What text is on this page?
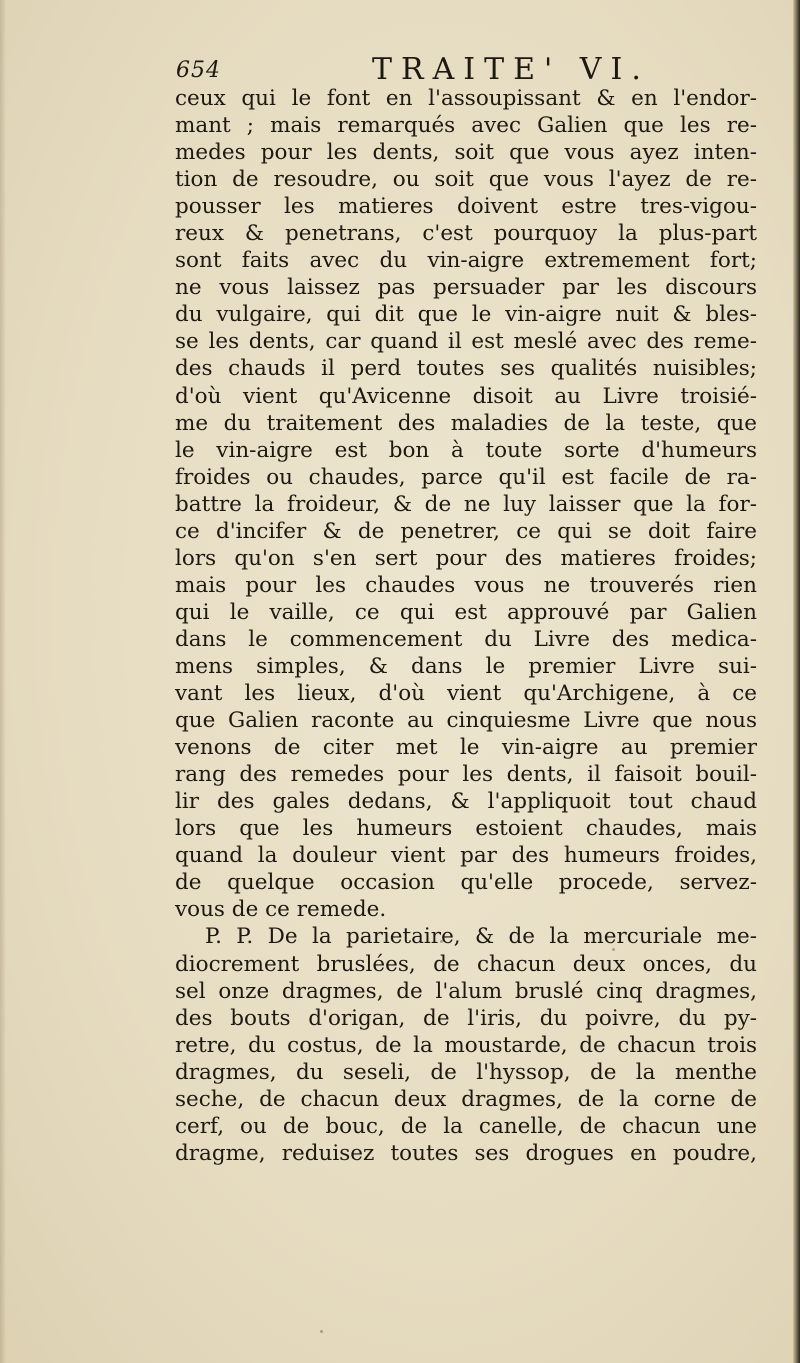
654	TRAITE' VI.
ceux qui le font en l'assoupissant & en l'endor-
mant ; mais remarqués avec Galien que les re-
medes pour les dents, soit que vous ayez inten-
tion de resoudre, ou soit que vous l'ayez de re-
pousser les matieres doivent estre tres-vigou-
reux & penetrans, c'est pourquoy la plus-part
sont faits avec du vin-aigre extremement fort;
ne vous laissez pas persuader par les discours
du vulgaire, qui dit que le vin-aigre nuit & bles-
se les dents, car quand il est meslé avec des reme-
des chauds il perd toutes ses qualités nuisibles;
d'où vient qu'Avicenne disoit au Livre troisié-
me du traitement des maladies de la teste, que
le vin-aigre est bon à toute sorte d'humeurs
froides ou chaudes, parce qu'il est facile de ra-
battre la froideur, & de ne luy laisser que la for-
ce d'incifer & de penetrer, ce qui se doit faire
lors qu'on s'en sert pour des matieres froides;
mais pour les chaudes vous ne trouverés rien
qui le vaille, ce qui est approuvé par Galien
dans le commencement du Livre des medica-
mens simples, & dans le premier Livre sui-
vant les lieux, d'où vient qu'Archigene, à ce
que Galien raconte au cinquiesme Livre que nous
venons de citer met le vin-aigre au premier
rang des remedes pour les dents, il faisoit bouil-
lir des gales dedans, & l'appliquoit tout chaud
lors que les humeurs estoient chaudes, mais
quand la douleur vient par des humeurs froides,
de quelque occasion qu'elle procede, servez-
vous de ce remede.
P. P. De la parietaire, & de la mercuriale me-
diocrement bruslées, de chacun deux onces, du
sel onze dragmes, de l'alum bruslé cinq dragmes,
des bouts d'origan, de l'iris, du poivre, du py-
retre, du costus, de la moustarde, de chacun trois
dragmes, du seseli, de l'hyssop, de la menthe
seche, de chacun deux dragmes, de la corne de
cerf, ou de bouc, de la canelle, de chacun une
dragme, reduisez toutes ses drogues en poudre,
